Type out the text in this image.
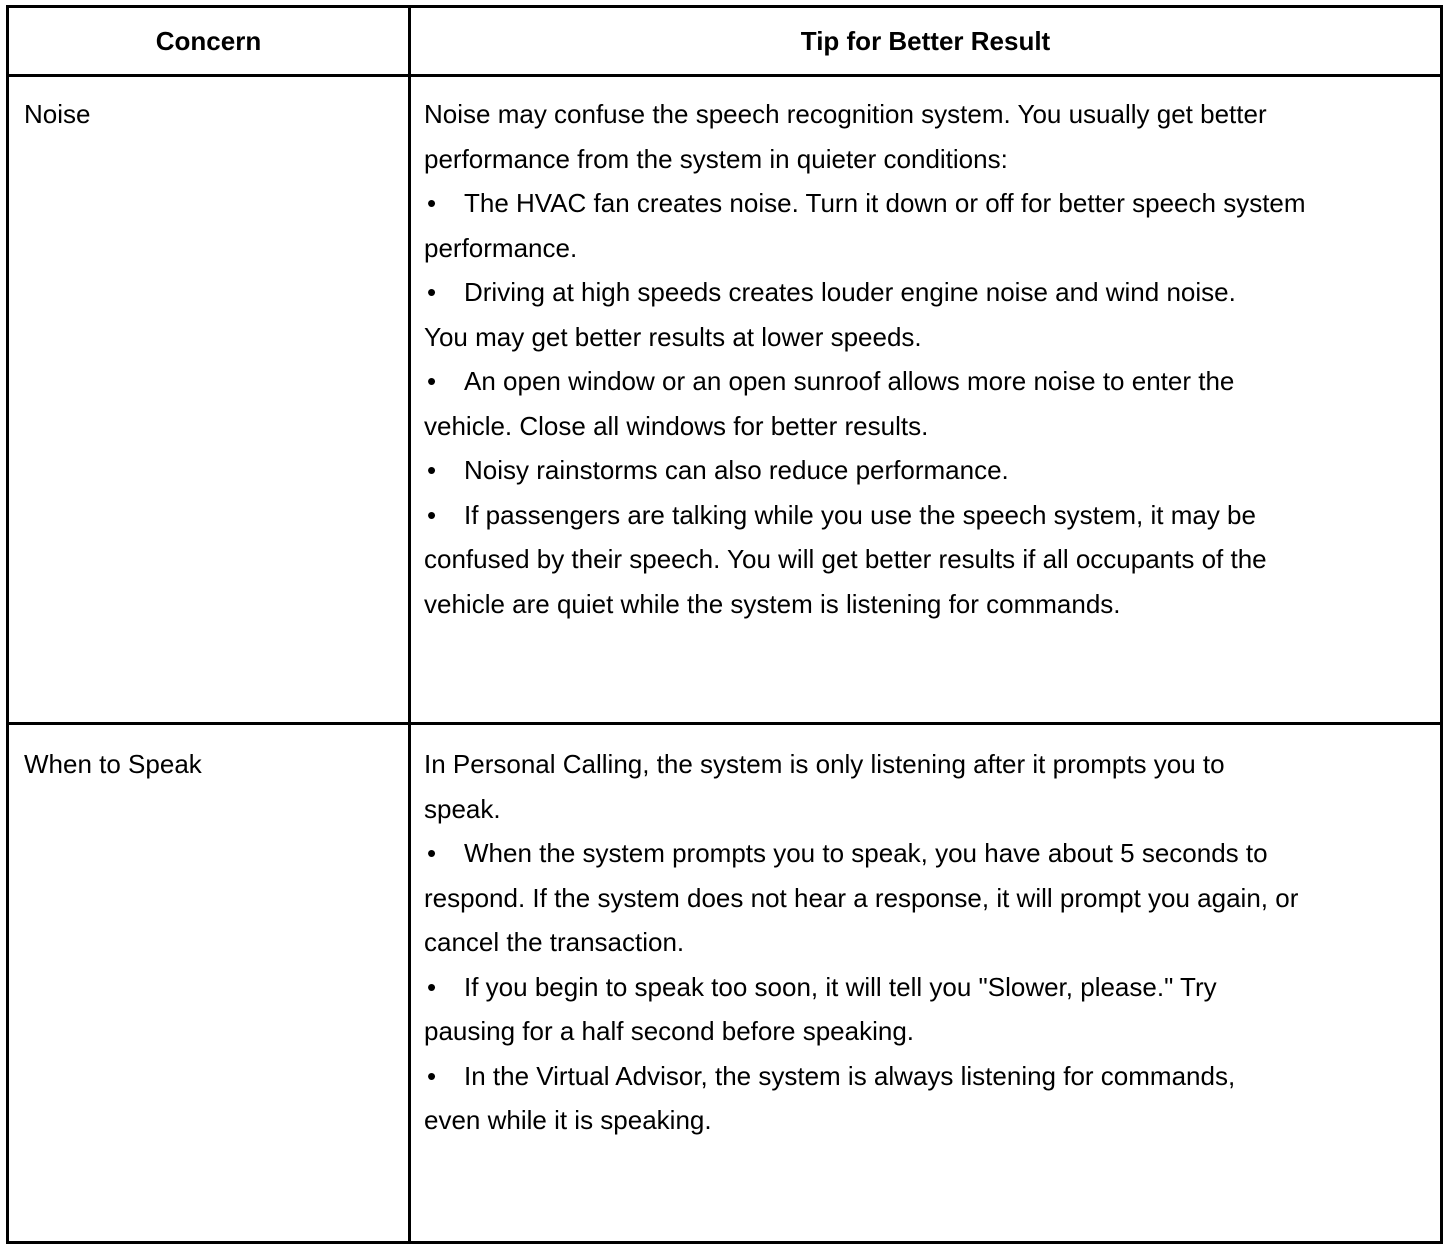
Concern	Tip for Better Result
Noise	Noise may confuse the speech recognition system. You usually get better
performance from the system in quieter conditions:
• The HVAC fan creates noise. Turn it down or off for better speech system
performance.
• Driving at high speeds creates louder engine noise and wind noise.
You may get better results at lower speeds.
• An open window or an open sunroof allows more noise to enter the
vehicle. Close all windows for better results.
• Noisy rainstorms can also reduce performance.
• If passengers are talking while you use the speech system, it may be
confused by their speech. You will get better results if all occupants of the
vehicle are quiet while the system is listening for commands.
When to Speak	In Personal Calling, the system is only listening after it prompts you to
speak.
• When the system prompts you to speak, you have about 5 seconds to
respond. If the system does not hear a response, it will prompt you again, or
cancel the transaction.
• If you begin to speak too soon, it will tell you "Slower, please." Try
pausing for a half second before speaking.
• In the Virtual Advisor, the system is always listening for commands,
even while it is speaking.
